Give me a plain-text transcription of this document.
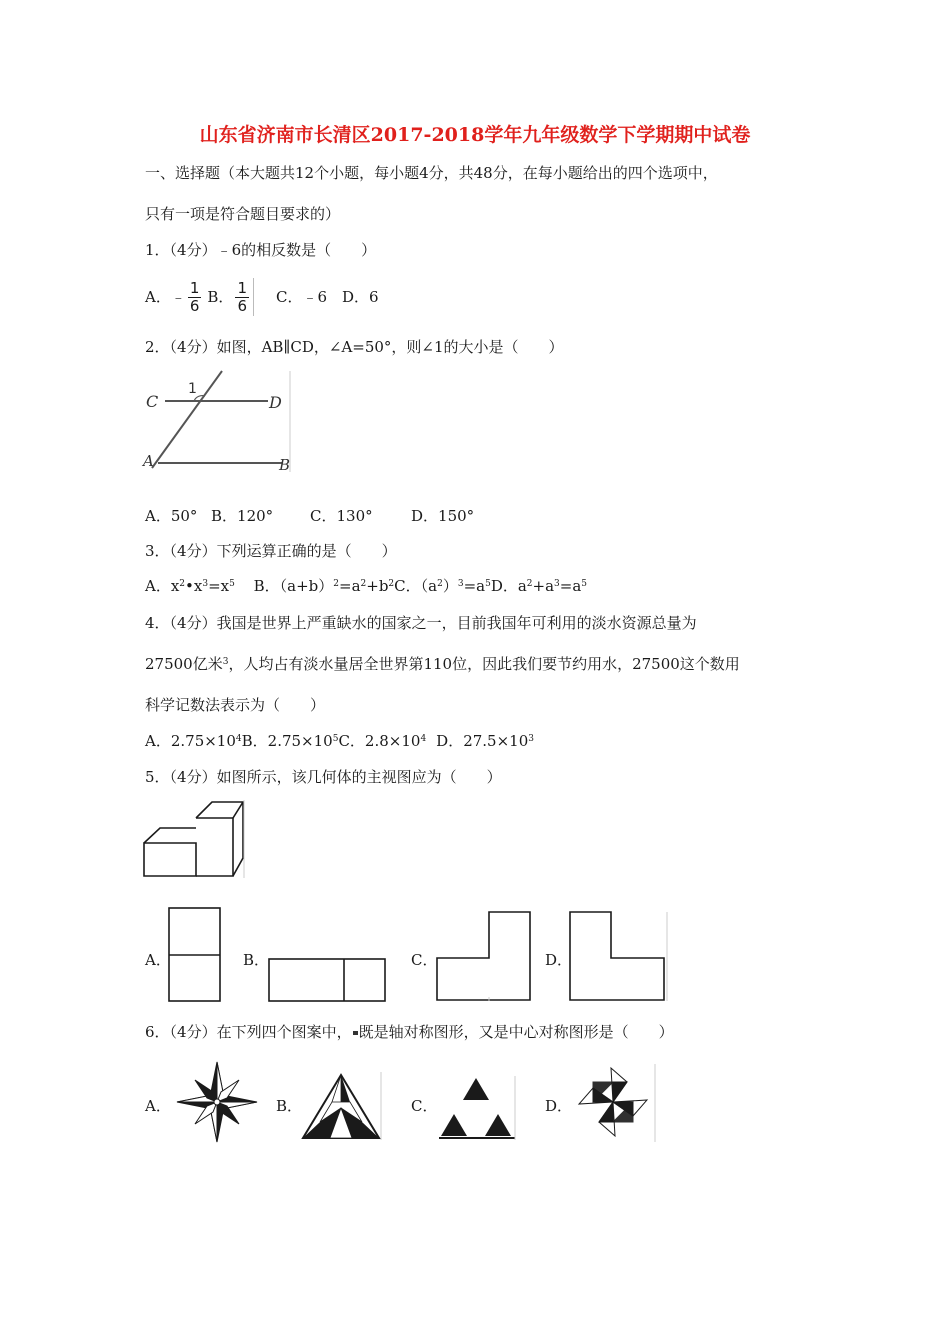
山东省济南市长清区2017-2018学年九年级数学下学期期中试卷
一、选择题（本大题共12个小题，每小题4分，共48分，在每小题给出的四个选项中，
只有一项是符合题目要求的）
1．（4分）﹣6的相反数是（　　）
A． ﹣ $\frac{1}{6}$ B． $\frac{1}{6}$ C．﹣6　D．6
2．（4分）如图，AB∥CD，∠A=50°，则∠1的大小是（　　）
C	D
A	B
1
A．50° B．120° C．130°	D．150°
3．（4分）下列运算正确的是（　　）
A．$x^2•x^3=x^5$ B．$(a+b)^2=a^2+b^2C$．$(a^2)^3=a^5D$．$a^2+a^3=a^5$
4．（4分）我国是世界上严重缺水的国家之一，目前我国年可利用的淡水资源总量为
27500亿米$^3$，人均占有淡水量居全世界第110位，因此我们要节约用水，27500这个数用
科学记数法表示为（　　）
A．$2.75\times 10^4B$．$2.75\times 10^5C$．$2.8\times 10^4$ D．$27.5\times 10^3$
5．（4分）如图所示，该几何体的主视图应为（　　）
A．	B．	C．	D．
6．（4分）在下列四个图案中， 既是轴对称图形，又是中心对称图形是（　　）
A．	B．	C．	D．
